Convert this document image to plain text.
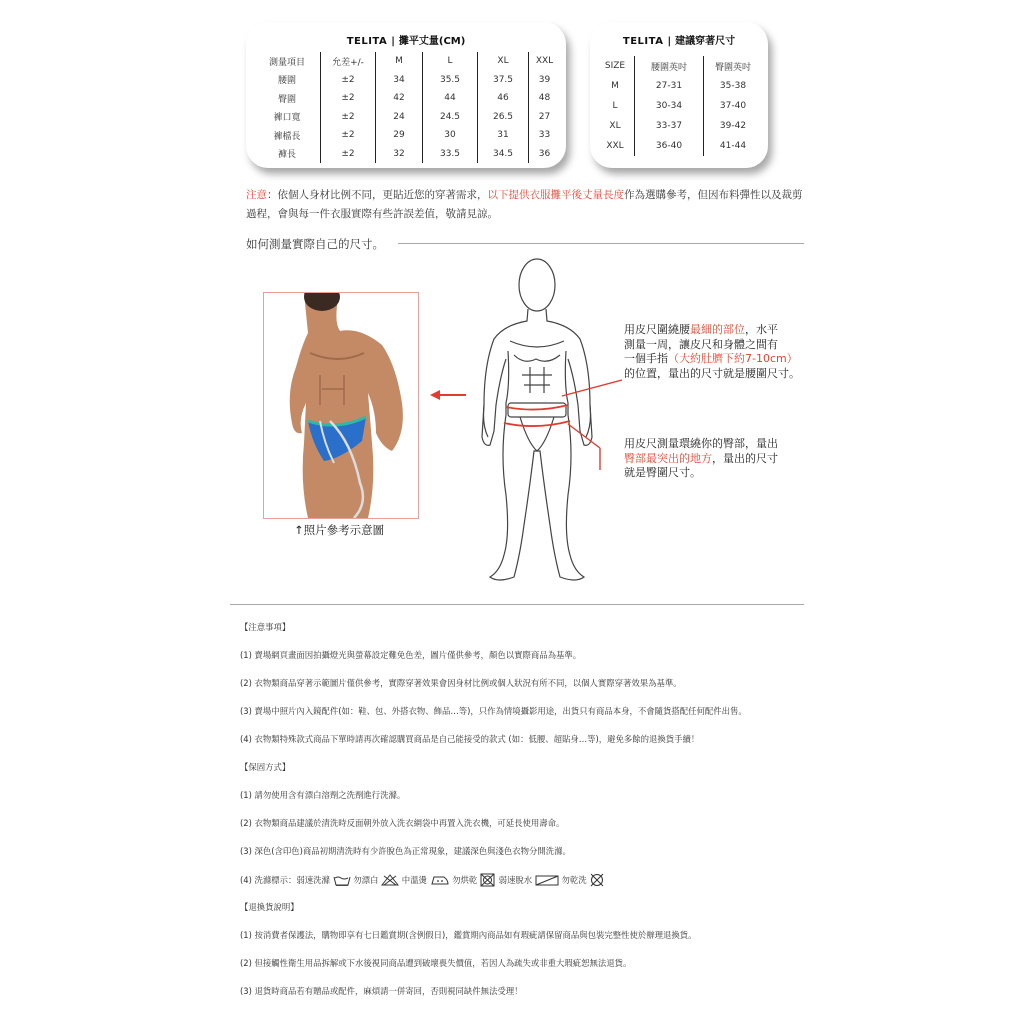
TELITA | 攤平丈量(CM)
測量項目	允差+/-	M	L	XL	XXL
腰圍	±2	34	35.5	37.5	39
臀圍	±2	42	44	46	48
褲口寬	±2	24	24.5	26.5	27
褲檔長	±2	29	30	31	33
褲長	±2	32	33.5	34.5	36
TELITA | 建議穿著尺寸
SIZE	腰圍英吋	臀圍英吋
M	27-31	35-38
L	30-34	37-40
XL	33-37	39-42
XXL	36-40	41-44
注意：依個人身材比例不同，更貼近您的穿著需求，以下提供衣服攤平後丈量長度作為選購參考，但因布料彈性以及裁剪過程，會與每一件衣服實際有些許誤差值，敬請見諒。
如何測量實際自己的尺寸。
↑照片參考示意圖
用皮尺圍繞腰最細的部位，水平
測量一周，讓皮尺和身體之間有
一個手指（大約肚臍下約7-10cm）
的位置，量出的尺寸就是腰圍尺寸。
用皮尺測量環繞你的臀部，量出
臀部最突出的地方，量出的尺寸
就是臀圍尺寸。
【注意事項】
(1) 賣場網頁畫面因拍攝燈光與螢幕設定難免色差，圖片僅供參考，顏色以實際商品為基準。
(2) 衣物類商品穿著示範圖片僅供參考，實際穿著效果會因身材比例或個人狀況有所不同，以個人實際穿著效果為基準。
(3) 賣場中照片內入鏡配件(如：鞋、包、外搭衣物、飾品…等)，只作為情境攝影用途，出貨只有商品本身，不會隨貨搭配任何配件出售。
(4) 衣物類特殊款式商品下單時請再次確認購買商品是自己能接受的款式 (如：低腰、超貼身…等)，避免多餘的退換貨手續！
【保固方式】
(1) 請勿使用含有漂白溶劑之洗劑進行洗滌。
(2) 衣物類商品建議於清洗時反面朝外放入洗衣網袋中再置入洗衣機，可延長使用壽命。
(3) 深色(含印色)商品初期清洗時有少許脫色為正常現象，建議深色與淺色衣物分開洗滌。
(4) 洗滌標示：弱速洗滌	勿漂白	中溫燙	勿烘乾	弱速脫水	勿乾洗
【退換貨說明】
(1) 按消費者保護法，購物即享有七日鑑賞期(含例假日)，鑑賞期內商品如有瑕疵請保留商品與包裝完整性使於辦理退換貨。
(2) 但接觸性衛生用品拆解或下水後視同商品遭到破壞喪失價值，若因人為疏失或非重大瑕疵恕無法退貨。
(3) 退貨時商品若有贈品或配件，麻煩請一併寄回，否則視同缺件無法受理！
